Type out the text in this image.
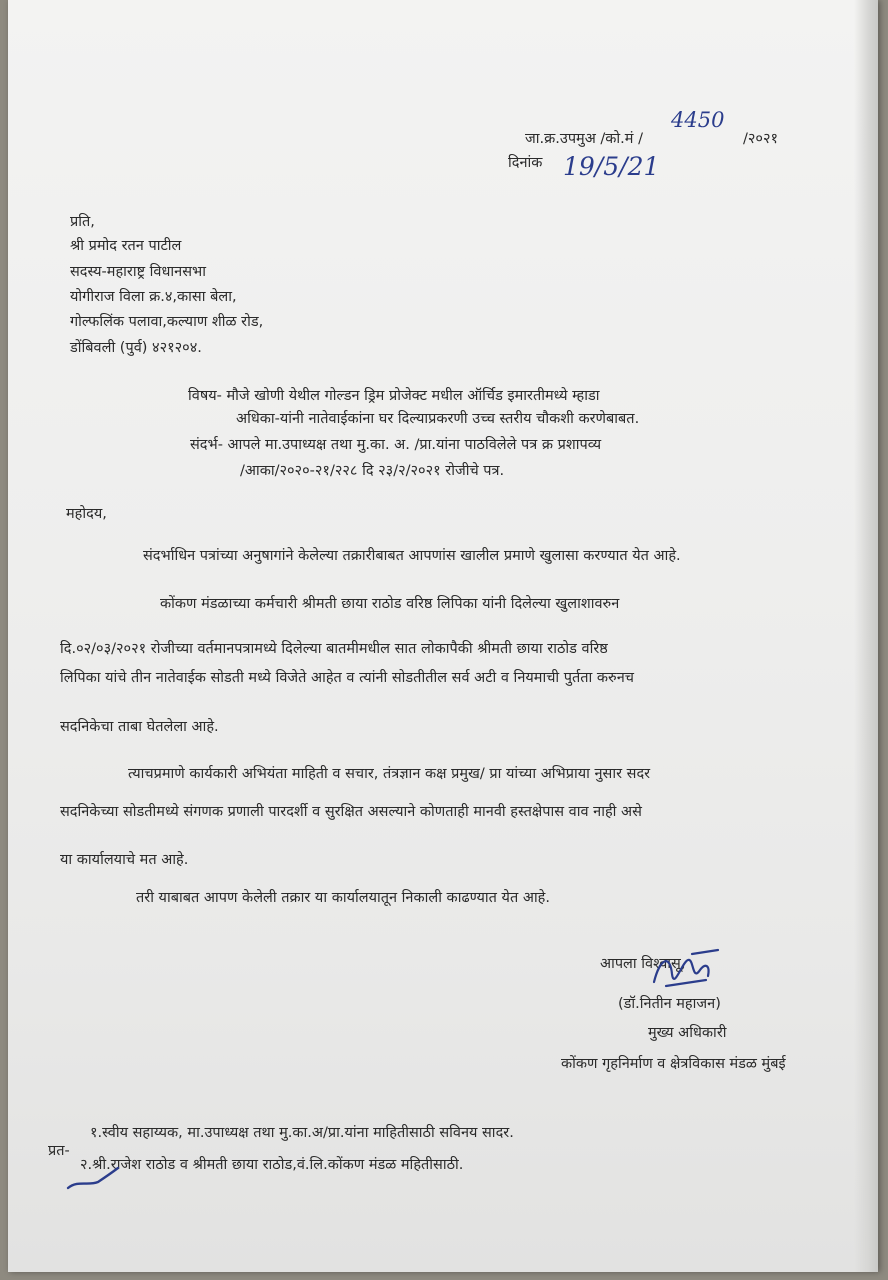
जा.क्र.उपमुअ /को.मं /
4450
/२०२१
दिनांक 19/5/21
प्रति,
श्री प्रमोद रतन पाटील
सदस्य-महाराष्ट्र विधानसभा
योगीराज विला क्र.४,कासा बेला,
गोल्फलिंक पलावा,कल्याण शीळ रोड,
डोंबिवली (पुर्व) ४२१२०४.
विषय- मौजे खोणी येथील गोल्डन ड्रिम प्रोजेक्ट मधील ऑर्चिड इमारतीमध्ये म्हाडा
अधिका-यांनी नातेवाईकांना घर दिल्याप्रकरणी उच्च स्तरीय चौकशी करणेबाबत.
संदर्भ- आपले मा.उपाध्यक्ष तथा मु.का. अ. /प्रा.यांना पाठविलेले पत्र क्र प्रशापव्य
/आका/२०२०-२१/२२८ दि २३/२/२०२१ रोजीचे पत्र.
महोदय,
संदर्भाधिन पत्रांच्या अनुषागांने केलेल्या तक्रारीबाबत आपणांस खालील प्रमाणे खुलासा करण्यात येत आहे.
कोंकण मंडळाच्या कर्मचारी श्रीमती छाया राठोड वरिष्ठ लिपिका यांनी दिलेल्या खुलाशावरुन
दि.०२/०३/२०२१ रोजीच्या वर्तमानपत्रामध्ये दिलेल्या बातमीमधील सात लोकापैकी श्रीमती छाया राठोड वरिष्ठ
लिपिका यांचे तीन नातेवाईक सोडती मध्ये विजेते आहेत व त्यांनी सोडतीतील सर्व अटी व नियमाची पुर्तता करुनच
सदनिकेचा ताबा घेतलेला आहे.
त्याचप्रमाणे कार्यकारी अभियंता माहिती व सचार, तंत्रज्ञान कक्ष प्रमुख/ प्रा यांच्या अभिप्राया नुसार सदर
सदनिकेच्या सोडतीमध्ये संगणक प्रणाली पारदर्शी व सुरक्षित असल्याने कोणताही मानवी हस्तक्षेपास वाव नाही असे
या कार्यालयाचे मत आहे.
तरी याबाबत आपण केलेली तक्रार या कार्यालयातून निकाली काढण्यात येत आहे.
आपला विश्वासू,
(डॉ.नितीन महाजन)
मुख्य अधिकारी
कोंकण गृहनिर्माण व क्षेत्रविकास मंडळ मुंबई
प्रत-
१.स्वीय सहाय्यक, मा.उपाध्यक्ष तथा मु.का.अ/प्रा.यांना माहितीसाठी सविनय सादर.
२.श्री.राजेश राठोड व श्रीमती छाया राठोड,वं.लि.कोंकण मंडळ महितीसाठी.
